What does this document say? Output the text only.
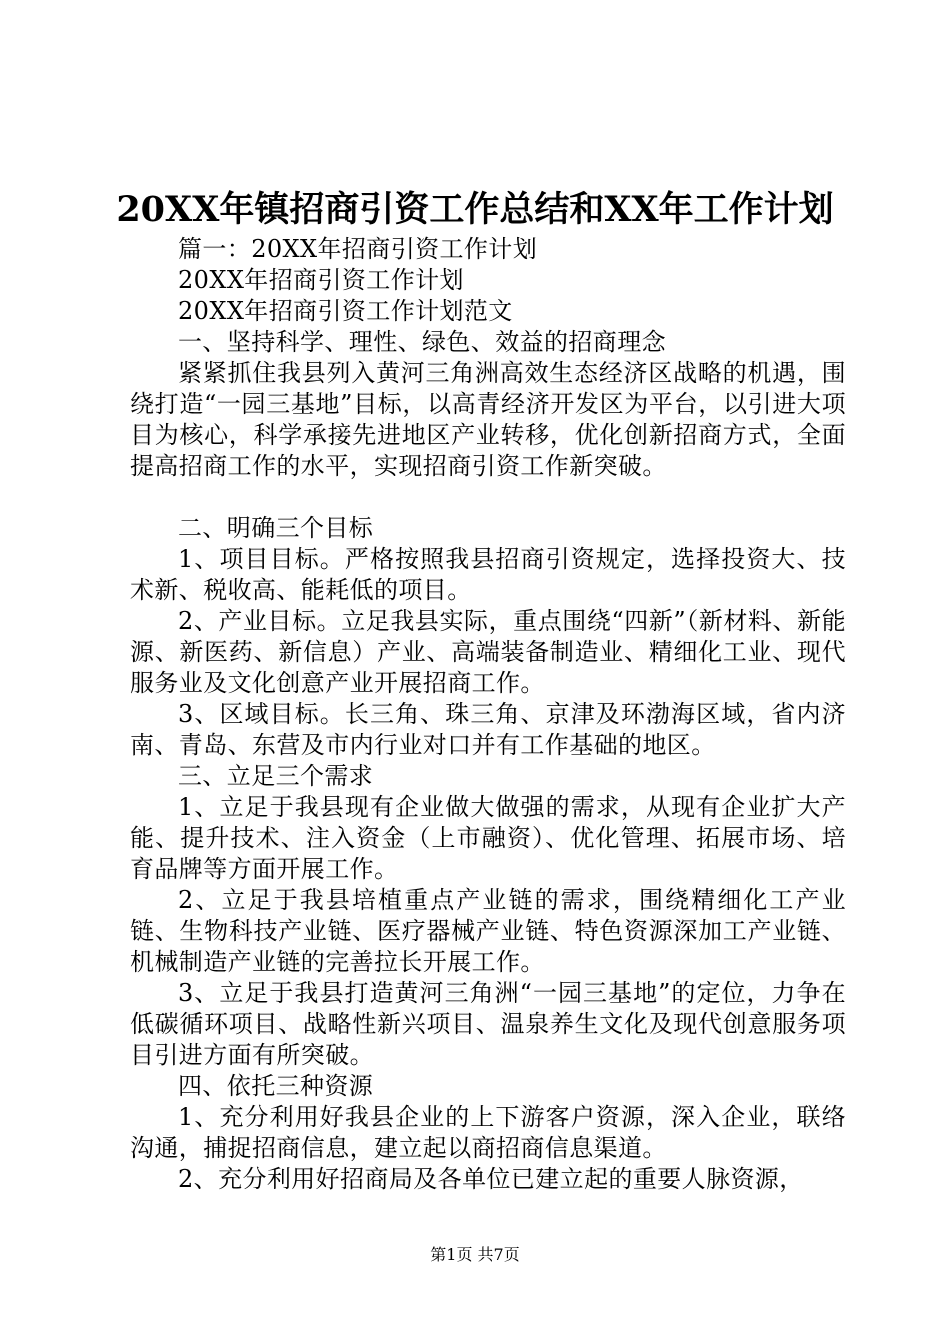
20XX年镇招商引资工作总结和XX年工作计划

篇一：20XX年招商引资工作计划

20XX年招商引资工作计划

20XX年招商引资工作计划范文

一、坚持科学、理性、绿色、效益的招商理念

紧紧抓住我县列入黄河三角洲高效生态经济区战略的机遇，围绕打造“一园三基地”目标，以高青经济开发区为平台，以引进大项目为核心，科学承接先进地区产业转移，优化创新招商方式，全面提高招商工作的水平，实现招商引资工作新突破。

二、明确三个目标

1、项目目标。严格按照我县招商引资规定，选择投资大、技术新、税收高、能耗低的项目。

2、产业目标。立足我县实际，重点围绕“四新”（新材料、新能源、新医药、新信息）产业、高端装备制造业、精细化工业、现代服务业及文化创意产业开展招商工作。

3、区域目标。长三角、珠三角、京津及环渤海区域，省内济南、青岛、东营及市内行业对口并有工作基础的地区。

三、立足三个需求

1、立足于我县现有企业做大做强的需求，从现有企业扩大产能、提升技术、注入资金（上市融资）、优化管理、拓展市场、培育品牌等方面开展工作。

2、立足于我县培植重点产业链的需求，围绕精细化工产业链、生物科技产业链、医疗器械产业链、特色资源深加工产业链、机械制造产业链的完善拉长开展工作。

3、立足于我县打造黄河三角洲“一园三基地”的定位，力争在低碳循环项目、战略性新兴项目、温泉养生文化及现代创意服务项目引进方面有所突破。

四、依托三种资源

1、充分利用好我县企业的上下游客户资源，深入企业，联络沟通，捕捉招商信息，建立起以商招商信息渠道。

2、充分利用好招商局及各单位已建立起的重要人脉资源，

第1页 共7页
